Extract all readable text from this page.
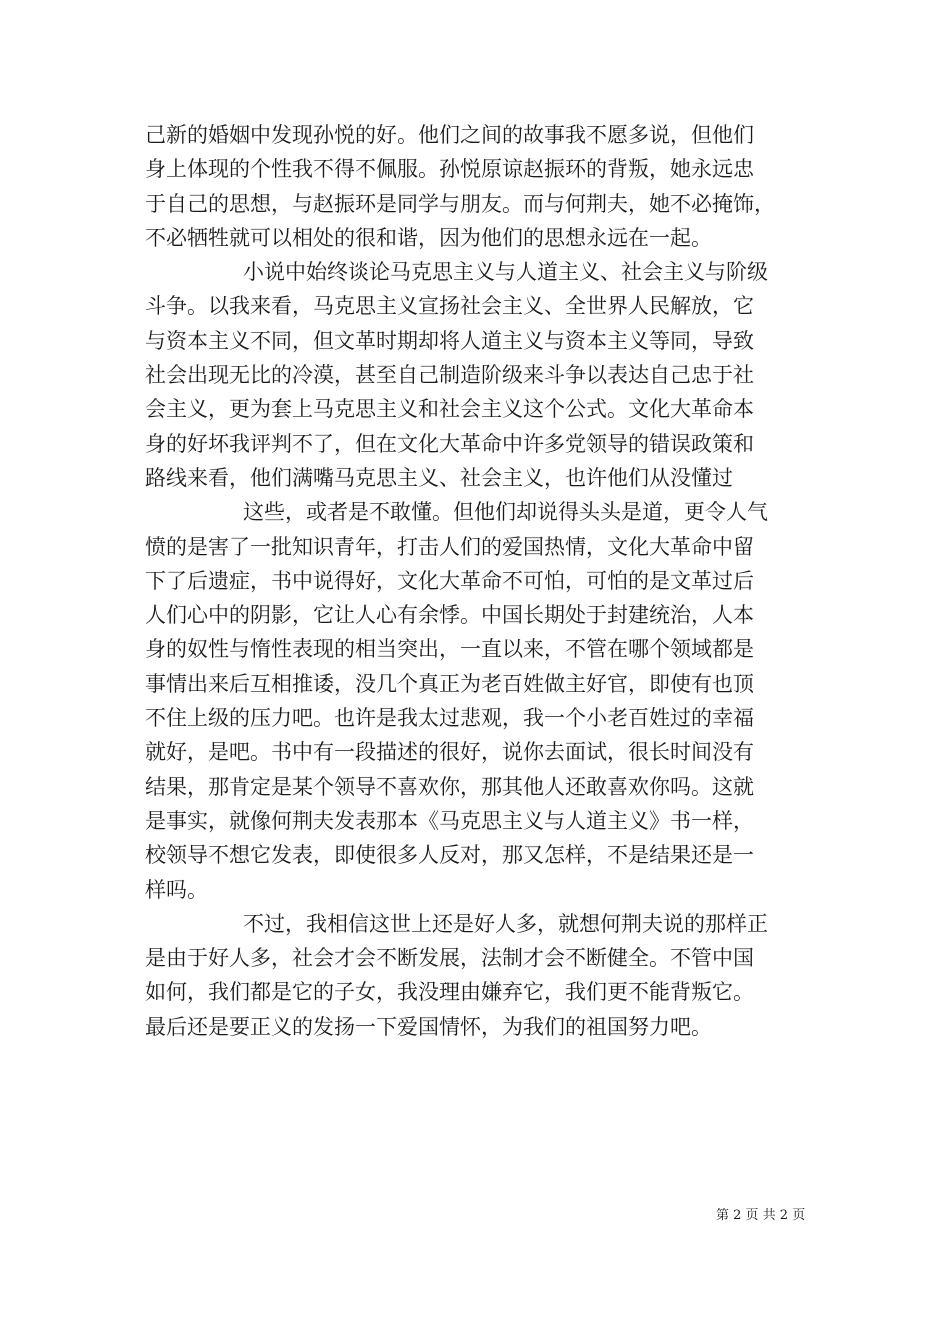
己新的婚姻中发现孙悦的好。他们之间的故事我不愿多说，但他们
身上体现的个性我不得不佩服。孙悦原谅赵振环的背叛，她永远忠
于自己的思想，与赵振环是同学与朋友。而与何荆夫，她不必掩饰，
不必牺牲就可以相处的很和谐，因为他们的思想永远在一起。
小说中始终谈论马克思主义与人道主义、社会主义与阶级
斗争。以我来看，马克思主义宣扬社会主义、全世界人民解放，它
与资本主义不同，但文革时期却将人道主义与资本主义等同，导致
社会出现无比的冷漠，甚至自己制造阶级来斗争以表达自己忠于社
会主义，更为套上马克思主义和社会主义这个公式。文化大革命本
身的好坏我评判不了，但在文化大革命中许多党领导的错误政策和
路线来看，他们满嘴马克思主义、社会主义，也许他们从没懂过
这些，或者是不敢懂。但他们却说得头头是道，更令人气
愤的是害了一批知识青年，打击人们的爱国热情，文化大革命中留
下了后遗症，书中说得好，文化大革命不可怕，可怕的是文革过后
人们心中的阴影，它让人心有余悸。中国长期处于封建统治，人本
身的奴性与惰性表现的相当突出，一直以来，不管在哪个领域都是
事情出来后互相推诿，没几个真正为老百姓做主好官，即使有也顶
不住上级的压力吧。也许是我太过悲观，我一个小老百姓过的幸福
就好，是吧。书中有一段描述的很好，说你去面试，很长时间没有
结果，那肯定是某个领导不喜欢你，那其他人还敢喜欢你吗。这就
是事实，就像何荆夫发表那本《马克思主义与人道主义》书一样，
校领导不想它发表，即使很多人反对，那又怎样，不是结果还是一
样吗。
不过，我相信这世上还是好人多，就想何荆夫说的那样正
是由于好人多，社会才会不断发展，法制才会不断健全。不管中国
如何，我们都是它的子女，我没理由嫌弃它，我们更不能背叛它。
最后还是要正义的发扬一下爱国情怀，为我们的祖国努力吧。
第 2 页 共 2 页
